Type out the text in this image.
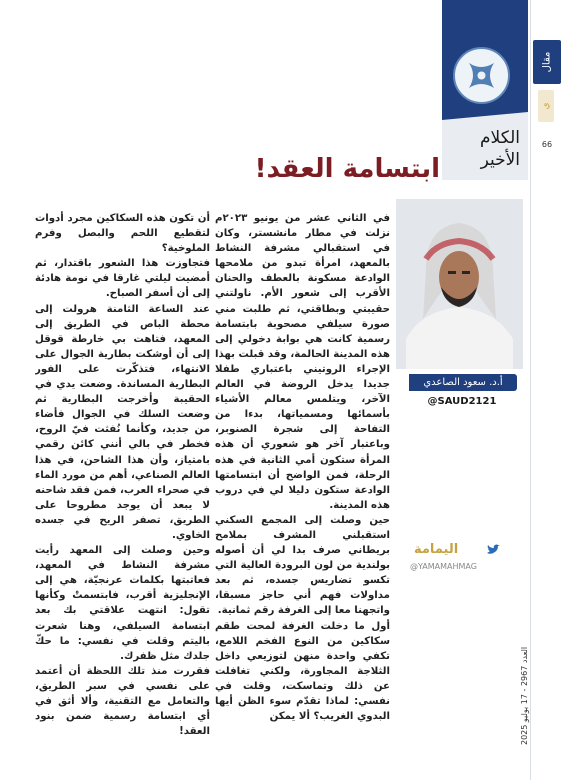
مقال
ي
66
العدد 2967 - 17 يوليو 2025
الكلام الأخير
ابتسامة العقد!
أ.د. سعود الصاعدي
@SAUD2121
اليمامة
@YAMAMAHMAG

في الثاني عشر من يونيو ٢٠٢٣م نزلت في مطار مانشستر، وكان في استقبالي مشرفة النشاط بالمعهد، امرأة تبدو من ملامحها الوادعة مسكونة بالعطف والحنان الأقرب إلى شعور الأم. ناولتني حقيبتي وبطاقتي، ثم طلبت مني صورة سيلفي مصحوبة بابتسامة رسمية كانت هي بوابة دخولي إلى هذه المدينة الحالمة، وقد قبلت بهذا الإجراء الروتيني باعتباري طفلا جديدا يدخل الروضة في العالم الآخر، ويتلمس معالم الأشياء بأسمائها ومسمياتها، بدءا من التفاحة إلى شجرة الصنوبر، وباعتبار آخر هو شعوري أن هذه المرأة ستكون أمي الثانية في هذه الرحلة، فمن الواضح أن ابتسامتها الوادعة ستكون دليلا لي في دروب هذه المدينة.

حين وصلت إلى المجمع السكني استقبلني المشرف بملامح بريطاني صرف بدا لي أن أصوله بولندية من لون البرودة العالية التي تكسو تضاريس جسده، ثم بعد مداولات فهم أني حاجز مسبقا، واتجهنا معا إلى الغرفة رقم ثمانية.

أول ما دخلت الغرفة لمحت طقم سكاكين من النوع الفخم اللامع، تكفي واحدة منهن لتوزيعي داخل الثلاجة المجاورة، ولكني تغافلت عن ذلك وتماسكت، وقلت في نفسي: لماذا تقدّم سوء الظن أيها البدوي الغريب؟ ألا يمكن

أن تكون هذه السكاكين مجرد أدوات لتقطيع اللحم والبصل وفرم الملوخية؟

فتجاوزت هذا الشعور باقتدار، ثم أمضيت ليلتي غارقا في نومة هادئة إلى أن أسفر الصباح.

عند الساعة الثامنة هرولت إلى محطة الباص في الطريق إلى المعهد، فتاهت بي خارطة قوقل إلى أن أوشكت بطارية الجوال على الانتهاء، فتذكّرت على الفور البطارية المساندة. وضعت يدي في الحقيبة وأخرجت البطارية ثم وضعت السلك في الجوال فأضاء من جديد، وكأنما نُفثت فيّ الروح، فخطر في بالي أنني كائن رقمي بامتياز، وأن هذا الشاحن، في هذا العالم الصناعي، أهم من مورد الماء في صحراء العرب، فمن فقد شاحنه لا يبعد أن يوجد مطروحا على الطريق، تصفر الريح في جسده الخاوي.

وحين وصلت إلى المعهد رأيت مشرفة النشاط في المعهد، فعاتبتها بكلمات عرنجيّة، هي إلى الإنجليزية أقرب، فابتسمتْ وكأنها تقول: انتهت علاقتي بك بعد ابتسامة السيلفي، وهنا شعرت باليتم وقلت في نفسي: ما حكّ جلدك مثل ظفرك.

فقررت منذ تلك اللحظة أن أعتمد على نفسي في سبر الطريق، والتعامل مع التقنية، وألا أثق في أي ابتسامة رسمية ضمن بنود العقد!
